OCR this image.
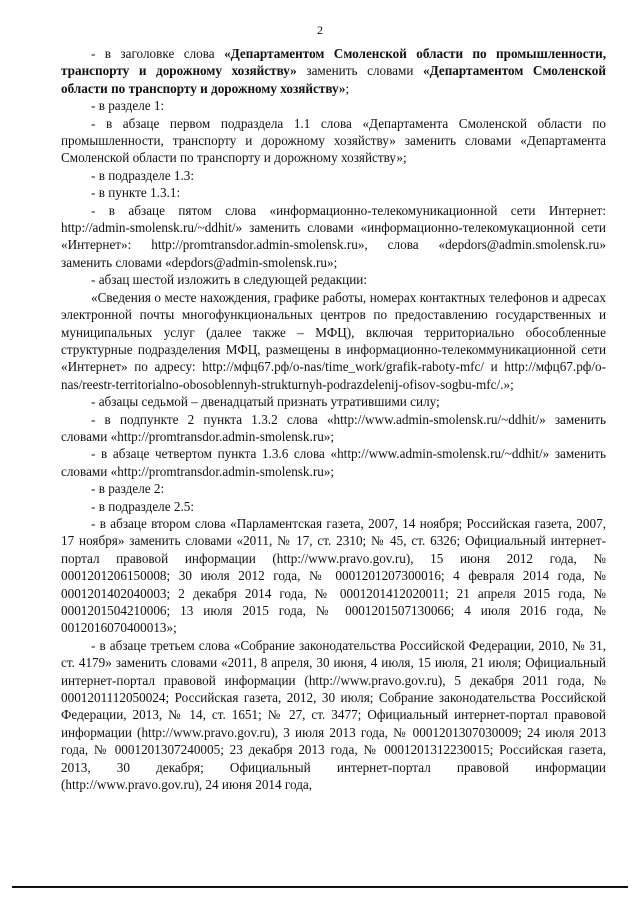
2

- в заголовке слова «Департаментом Смоленской области по промышленности, транспорту и дорожному хозяйству» заменить словами «Департаментом Смоленской области по транспорту и дорожному хозяйству»;

- в разделе 1:

- в абзаце первом подраздела 1.1 слова «Департамента Смоленской области по промышленности, транспорту и дорожному хозяйству» заменить словами «Департамента Смоленской области по транспорту и дорожному хозяйству»;

- в подразделе 1.3:

- в пункте 1.3.1:

- в абзаце пятом слова «информационно-телекомуникационной сети Интернет: http://admin-smolensk.ru/~ddhit/» заменить словами «информационно-телекомукационной сети «Интернет»: http://promtransdor.admin-smolensk.ru», слова «depdors@admin.smolensk.ru» заменить словами «depdors@admin-smolensk.ru»;

- абзац шестой изложить в следующей редакции:

«Сведения о месте нахождения, графике работы, номерах контактных телефонов и адресах электронной почты многофункциональных центров по предоставлению государственных и муниципальных услуг (далее также – МФЦ), включая территориально обособленные структурные подразделения МФЦ, размещены в информационно-телекоммуникационной сети «Интернет» по адресу: http://мфц67.рф/o-nas/time_work/grafik-raboty-mfc/ и http://мфц67.рф/o-nas/reestr-territorialno-obosoblennyh-strukturnyh-podrazdelenij-ofisov-sogbu-mfc/.»;

- абзацы седьмой – двенадцатый признать утратившими силу;

- в подпункте 2 пункта 1.3.2 слова «http://www.admin-smolensk.ru/~ddhit/» заменить словами «http://promtransdor.admin-smolensk.ru»;

- в абзаце четвертом пункта 1.3.6 слова «http://www.admin-smolensk.ru/~ddhit/» заменить словами «http://promtransdor.admin-smolensk.ru»;

- в разделе 2:

- в подразделе 2.5:

- в абзаце втором слова «Парламентская газета, 2007, 14 ноября; Российская газета, 2007, 17 ноября» заменить словами «2011, № 17, ст. 2310; № 45, ст. 6326; Официальный интернет-портал правовой информации (http://www.pravo.gov.ru), 15 июня 2012 года, № 0001201206150008; 30 июля 2012 года, № 0001201207300016; 4 февраля 2014 года, № 0001201402040003; 2 декабря 2014 года, № 0001201412020011; 21 апреля 2015 года, № 0001201504210006; 13 июля 2015 года, № 0001201507130066; 4 июля 2016 года, № 0012016070400013»;

- в абзаце третьем слова «Собрание законодательства Российской Федерации, 2010, № 31, ст. 4179» заменить словами «2011, 8 апреля, 30 июня, 4 июля, 15 июля, 21 июля; Официальный интернет-портал правовой информации (http://www.pravo.gov.ru), 5 декабря 2011 года, № 0001201112050024; Российская газета, 2012, 30 июля; Собрание законодательства Российской Федерации, 2013, № 14, ст. 1651; № 27, ст. 3477; Официальный интернет-портал правовой информации (http://www.pravo.gov.ru), 3 июля 2013 года, № 0001201307030009; 24 июля 2013 года, № 0001201307240005; 23 декабря 2013 года, № 0001201312230015; Российская газета, 2013, 30 декабря; Официальный интернет-портал правовой информации (http://www.pravo.gov.ru), 24 июня 2014 года,
